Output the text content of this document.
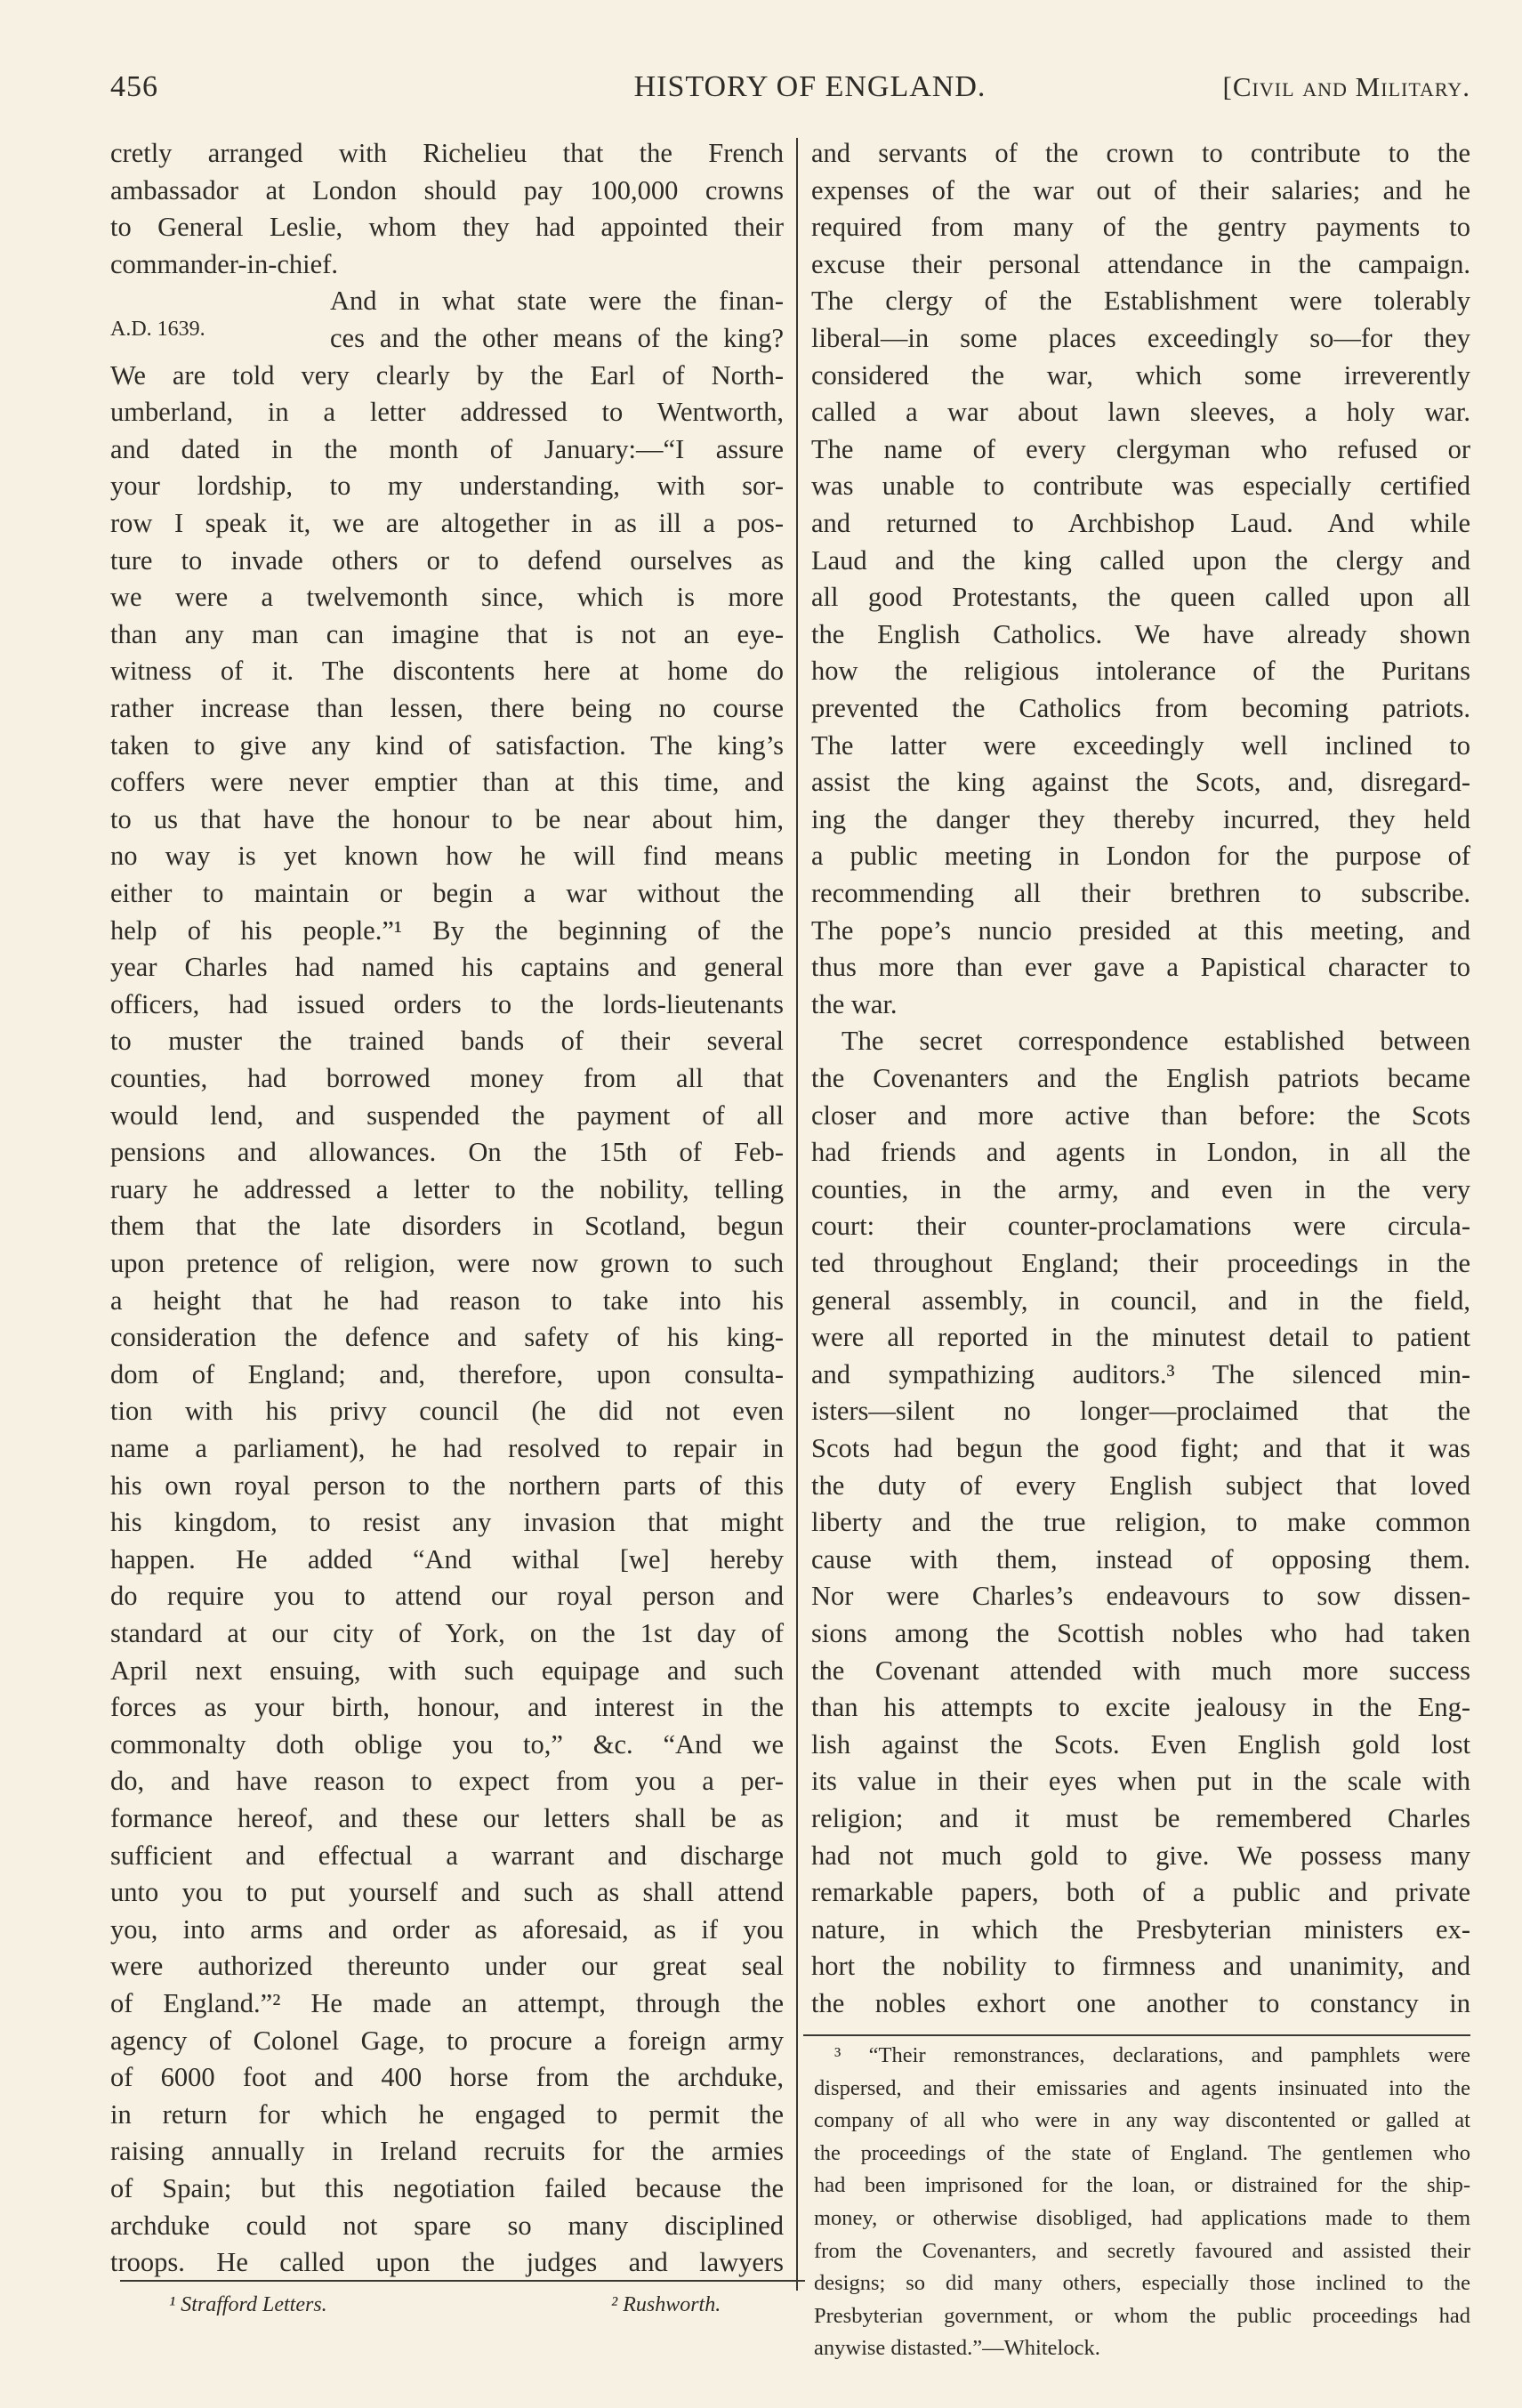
456	HISTORY OF ENGLAND.	[Civil and Military.
A.D. 1639.
cretly arranged with Richelieu that the French
ambassador at London should pay 100,000 crowns
to General Leslie, whom they had appointed their
commander-in-chief.
And in what state were the finan-
ces and the other means of the king?
We are told very clearly by the Earl of North-
umberland, in a letter addressed to Wentworth,
and dated in the month of January:—“I assure
your lordship, to my understanding, with sor-
row I speak it, we are altogether in as ill a pos-
ture to invade others or to defend ourselves as
we were a twelvemonth since, which is more
than any man can imagine that is not an eye-
witness of it. The discontents here at home do
rather increase than lessen, there being no course
taken to give any kind of satisfaction. The king’s
coffers were never emptier than at this time, and
to us that have the honour to be near about him,
no way is yet known how he will find means
either to maintain or begin a war without the
help of his people.”¹ By the beginning of the
year Charles had named his captains and general
officers, had issued orders to the lords-lieutenants
to muster the trained bands of their several
counties, had borrowed money from all that
would lend, and suspended the payment of all
pensions and allowances. On the 15th of Feb-
ruary he addressed a letter to the nobility, telling
them that the late disorders in Scotland, begun
upon pretence of religion, were now grown to such
a height that he had reason to take into his
consideration the defence and safety of his king-
dom of England; and, therefore, upon consulta-
tion with his privy council (he did not even
name a parliament), he had resolved to repair in
his own royal person to the northern parts of this
his kingdom, to resist any invasion that might
happen. He added “And withal [we] hereby
do require you to attend our royal person and
standard at our city of York, on the 1st day of
April next ensuing, with such equipage and such
forces as your birth, honour, and interest in the
commonalty doth oblige you to,” &c. “And we
do, and have reason to expect from you a per-
formance hereof, and these our letters shall be as
sufficient and effectual a warrant and discharge
unto you to put yourself and such as shall attend
you, into arms and order as aforesaid, as if you
were authorized thereunto under our great seal
of England.”² He made an attempt, through the
agency of Colonel Gage, to procure a foreign army
of 6000 foot and 400 horse from the archduke,
in return for which he engaged to permit the
raising annually in Ireland recruits for the armies
of Spain; but this negotiation failed because the
archduke could not spare so many disciplined
troops. He called upon the judges and lawyers
and servants of the crown to contribute to the
expenses of the war out of their salaries; and he
required from many of the gentry payments to
excuse their personal attendance in the campaign.
The clergy of the Establishment were tolerably
liberal—in some places exceedingly so—for they
considered the war, which some irreverently
called a war about lawn sleeves, a holy war.
The name of every clergyman who refused or
was unable to contribute was especially certified
and returned to Archbishop Laud. And while
Laud and the king called upon the clergy and
all good Protestants, the queen called upon all
the English Catholics. We have already shown
how the religious intolerance of the Puritans
prevented the Catholics from becoming patriots.
The latter were exceedingly well inclined to
assist the king against the Scots, and, disregard-
ing the danger they thereby incurred, they held
a public meeting in London for the purpose of
recommending all their brethren to subscribe.
The pope’s nuncio presided at this meeting, and
thus more than ever gave a Papistical character to
the war.
The secret correspondence established between
the Covenanters and the English patriots became
closer and more active than before: the Scots
had friends and agents in London, in all the
counties, in the army, and even in the very
court: their counter-proclamations were circula-
ted throughout England; their proceedings in the
general assembly, in council, and in the field,
were all reported in the minutest detail to patient
and sympathizing auditors.³ The silenced min-
isters—silent no longer—proclaimed that the
Scots had begun the good fight; and that it was
the duty of every English subject that loved
liberty and the true religion, to make common
cause with them, instead of opposing them.
Nor were Charles’s endeavours to sow dissen-
sions among the Scottish nobles who had taken
the Covenant attended with much more success
than his attempts to excite jealousy in the Eng-
lish against the Scots. Even English gold lost
its value in their eyes when put in the scale with
religion; and it must be remembered Charles
had not much gold to give. We possess many
remarkable papers, both of a public and private
nature, in which the Presbyterian ministers ex-
hort the nobility to firmness and unanimity, and
the nobles exhort one another to constancy in
³ “Their remonstrances, declarations, and pamphlets were
dispersed, and their emissaries and agents insinuated into the
company of all who were in any way discontented or galled at
the proceedings of the state of England. The gentlemen who
had been imprisoned for the loan, or distrained for the ship-
money, or otherwise disobliged, had applications made to them
from the Covenanters, and secretly favoured and assisted their
designs; so did many others, especially those inclined to the
Presbyterian government, or whom the public proceedings had
anywise distasted.”—Whitelock.
¹ Strafford Letters.	² Rushworth.
